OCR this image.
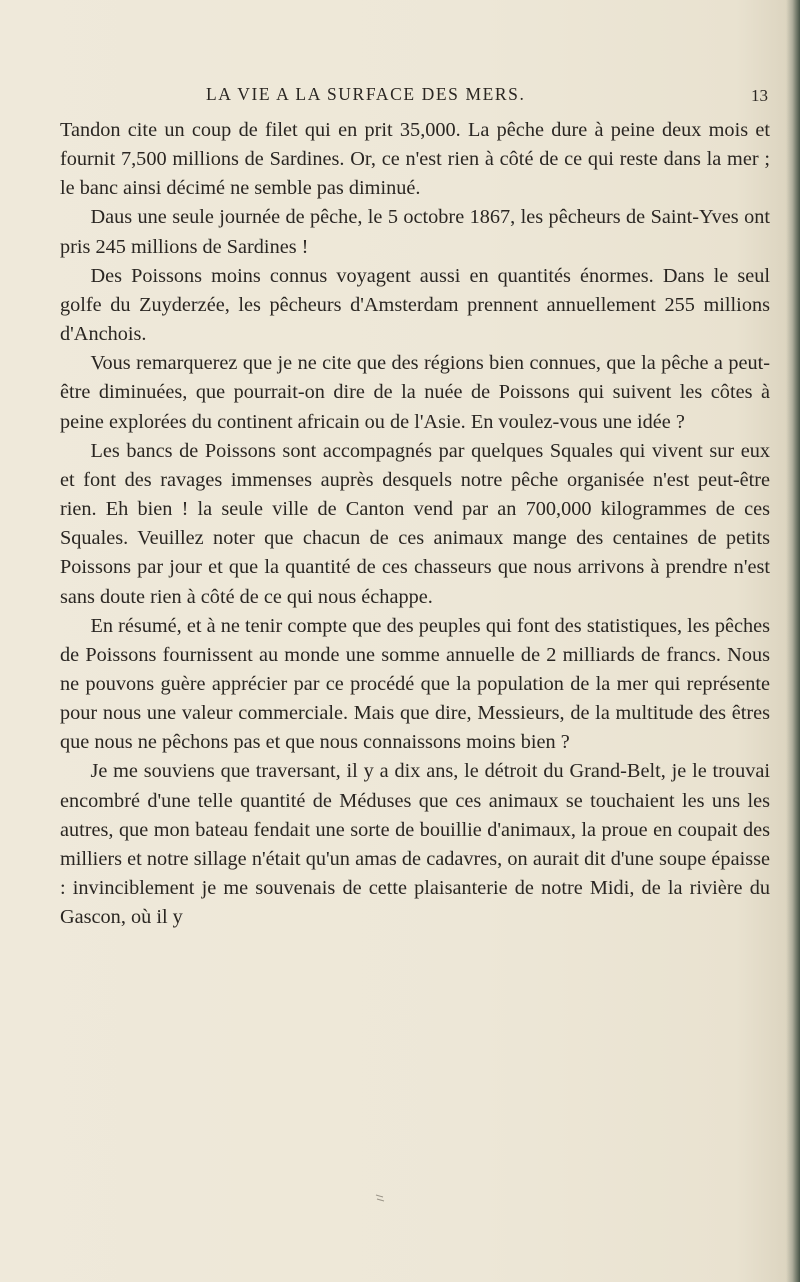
LA VIE A LA SURFACE DES MERS.	13

Tandon cite un coup de filet qui en prit 35,000. La pêche dure à peine deux mois et fournit 7,500 millions de Sardines. Or, ce n'est rien à côté de ce qui reste dans la mer ; le banc ainsi décimé ne semble pas diminué.

Daus une seule journée de pêche, le 5 octobre 1867, les pêcheurs de Saint-Yves ont pris 245 millions de Sardines !

Des Poissons moins connus voyagent aussi en quantités énormes. Dans le seul golfe du Zuyderzée, les pêcheurs d'Amsterdam prennent annuellement 255 millions d'Anchois.

Vous remarquerez que je ne cite que des régions bien connues, que la pêche a peut-être diminuées, que pourrait-on dire de la nuée de Poissons qui suivent les côtes à peine explorées du continent africain ou de l'Asie. En voulez-vous une idée ?

Les bancs de Poissons sont accompagnés par quelques Squales qui vivent sur eux et font des ravages immenses auprès desquels notre pêche organisée n'est peut-être rien. Eh bien ! la seule ville de Canton vend par an 700,000 kilogrammes de ces Squales. Veuillez noter que chacun de ces animaux mange des centaines de petits Poissons par jour et que la quantité de ces chasseurs que nous arrivons à prendre n'est sans doute rien à côté de ce qui nous échappe.

En résumé, et à ne tenir compte que des peuples qui font des statistiques, les pêches de Poissons fournissent au monde une somme annuelle de 2 milliards de francs. Nous ne pouvons guère apprécier par ce procédé que la population de la mer qui représente pour nous une valeur commerciale. Mais que dire, Messieurs, de la multitude des êtres que nous ne pêchons pas et que nous connaissons moins bien ?

Je me souviens que traversant, il y a dix ans, le détroit du Grand-Belt, je le trouvai encombré d'une telle quantité de Méduses que ces animaux se touchaient les uns les autres, que mon bateau fendait une sorte de bouillie d'animaux, la proue en coupait des milliers et notre sillage n'était qu'un amas de cadavres, on aurait dit d'une soupe épaisse : invinciblement je me souvenais de cette plaisanterie de notre Midi, de la rivière du Gascon, où il y
